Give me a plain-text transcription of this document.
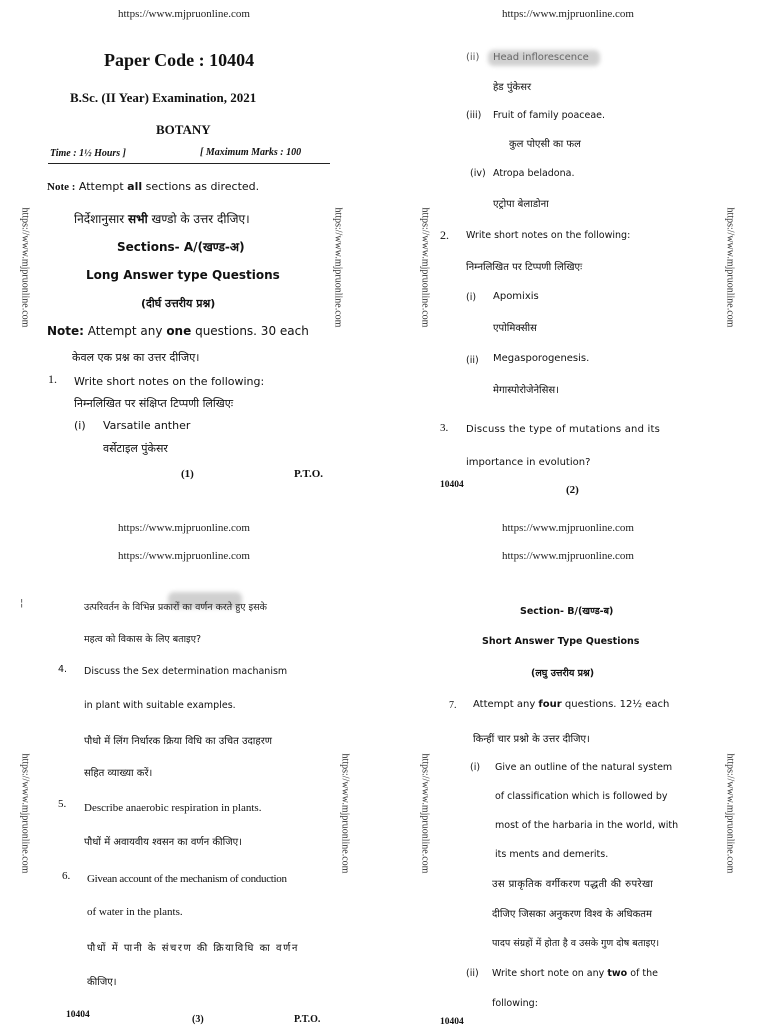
https://www.mjpruonline.com	https://www.mjpruonline.com
https://www.mjpruonline.com	https://www.mjpruonline.com
https://www.mjpruonline.com	https://www.mjpruonline.com
https://www.mjpruonline.com	https://www.mjpruonline.com	https://www.mjpruonline.com	https://www.mjpruonline.com
https://www.mjpruonline.com	https://www.mjpruonline.com	https://www.mjpruonline.com	https://www.mjpruonline.com
Paper Code : 10404
B.Sc. (II Year) Examination, 2021
BOTANY
Time : 1½ Hours ]	[ Maximum Marks : 100
Note : Attempt all sections as directed.
निर्देशानुसार सभी खण्डो के उत्तर दीजिए।
Sections- A/(खण्ड-अ)
Long Answer type Questions
(दीर्घ उत्तरीय प्रश्न)
Note: Attempt any one questions. 30 each
केवल एक प्रश्न का उत्तर दीजिए।
1. Write short notes on the following:
निम्नलिखित पर संक्षिप्त टिप्पणी लिखिएः
(i) Varsatile anther
वर्सेटाइल पुंकेसर
(1)	P.T.O.
(ii) Head inflorescence
हेड पुंकेसर
(iii) Fruit of family poaceae.
कुल पोएसी का फल
(iv) Atropa beladona.
एट्रोपा बेलाडोना
2. Write short notes on the following:
निम्नलिखित पर टिप्पणी लिखिएः
(i) Apomixis
एपोमिक्सीस
(ii) Megasporogenesis.
मेगास्पोरोजेनेसिस।
3. Discuss the type of mutations and its
importance in evolution?
10404	(2)
¦	उत्परिवर्तन के विभिन्न प्रकारों का वर्णन करते हुए इसके
महत्व को विकास के लिए बताइए?
4. Discuss the Sex determination machanism
in plant with suitable examples.
पौधो में लिंग निर्धारक क्रिया विधि का उचित उदाहरण
सहित व्याख्या करें।
5. Describe anaerobic respiration in plants.
पौधों में अवायवीय श्वसन का वर्णन कीजिए।
6. Givean account of the mechanism of conduction
of water in the plants.
पौधों में पानी के संचरण की क्रियाविधि का वर्णन
कीजिए।
10404	(3)	P.T.O.
Section- B/(खण्ड-ब)
Short Answer Type Questions
(लघु उत्तरीय प्रश्न)
7. Attempt any four questions. 12½ each
किन्हीं चार प्रश्नो के उत्तर दीजिए।
(i) Give an outline of the natural system
of classification which is followed by
most of the harbaria in the world, with
its ments and demerits.
उस प्राकृतिक वर्गीकरण पद्धती की रुपरेखा
दीजिए जिसका अनुकरण विश्व के अधिकतम
पादप संग्रहों में होता है व उसके गुण दोष बताइए।
(ii) Write short note on any two of the
following:
10404
